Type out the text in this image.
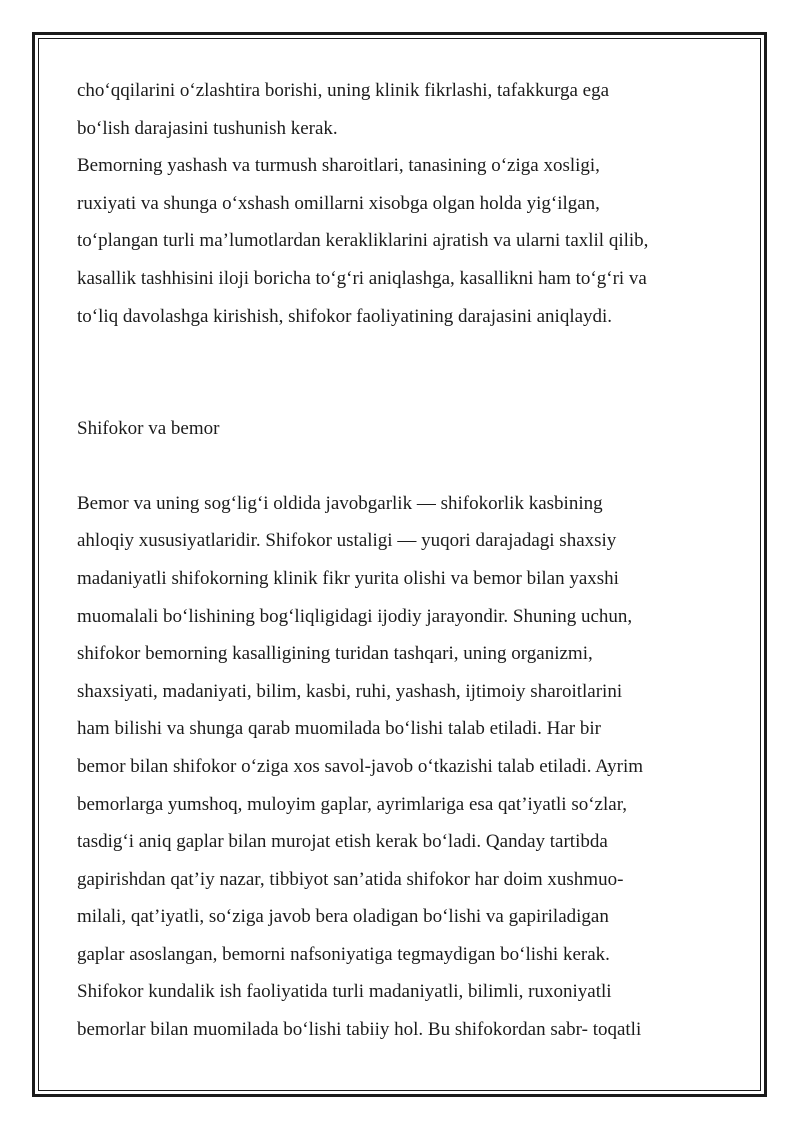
cho‘qqilarini o‘zlashtira borishi, uning klinik fikrlashi, tafakkurga ega
bo‘lish darajasini tushunish kerak.

Bemorning yashash va turmush sharoitlari, tanasining o‘ziga xosligi,
ruxiyati va shunga o‘xshash omillarni xisobga olgan holda yig‘ilgan,
to‘plangan turli ma’lumotlardan kerakliklarini ajratish va ularni taxlil qilib,
kasallik tashhisini iloji boricha to‘g‘ri aniqlashga, kasallikni ham to‘g‘ri va
to‘liq davolashga kirishish, shifokor faoliyatining darajasini aniqlaydi.

Shifokor va bemor

Bemor va uning sog‘lig‘i oldida javobgarlik — shifokorlik kasbining
ahloqiy xususiyatlaridir. Shifokor ustaligi — yuqori darajadagi shaxsiy
madaniyatli shifokorning klinik fikr yurita olishi va bemor bilan yaxshi
muomalali bo‘lishining bog‘liqligidagi ijodiy jarayondir. Shuning uchun,
shifokor bemorning kasalligining turidan tashqari, uning organizmi,
shaxsiyati, madaniyati, bilim, kasbi, ruhi, yashash, ijtimoiy sharoitlarini
ham bilishi va shunga qarab muomilada bo‘lishi talab etiladi. Har bir
bemor bilan shifokor o‘ziga xos savol-javob o‘tkazishi talab etiladi. Ayrim
bemorlarga yumshoq, muloyim gaplar, ayrimlariga esa qat’iyatli so‘zlar,
tasdig‘i aniq gaplar bilan murojat etish kerak bo‘ladi. Qanday tartibda
gapirishdan qat’iy nazar, tibbiyot san’atida shifokor har doim xushmuo-
milali, qat’iyatli, so‘ziga javob bera oladigan bo‘lishi va gapiriladigan
gaplar asoslangan, bemorni nafsoniyatiga tegmaydigan bo‘lishi kerak.
Shifokor kundalik ish faoliyatida turli madaniyatli, bilimli, ruxoniyatli
bemorlar bilan muomilada bo‘lishi tabiiy hol. Bu shifokordan sabr- toqatli
